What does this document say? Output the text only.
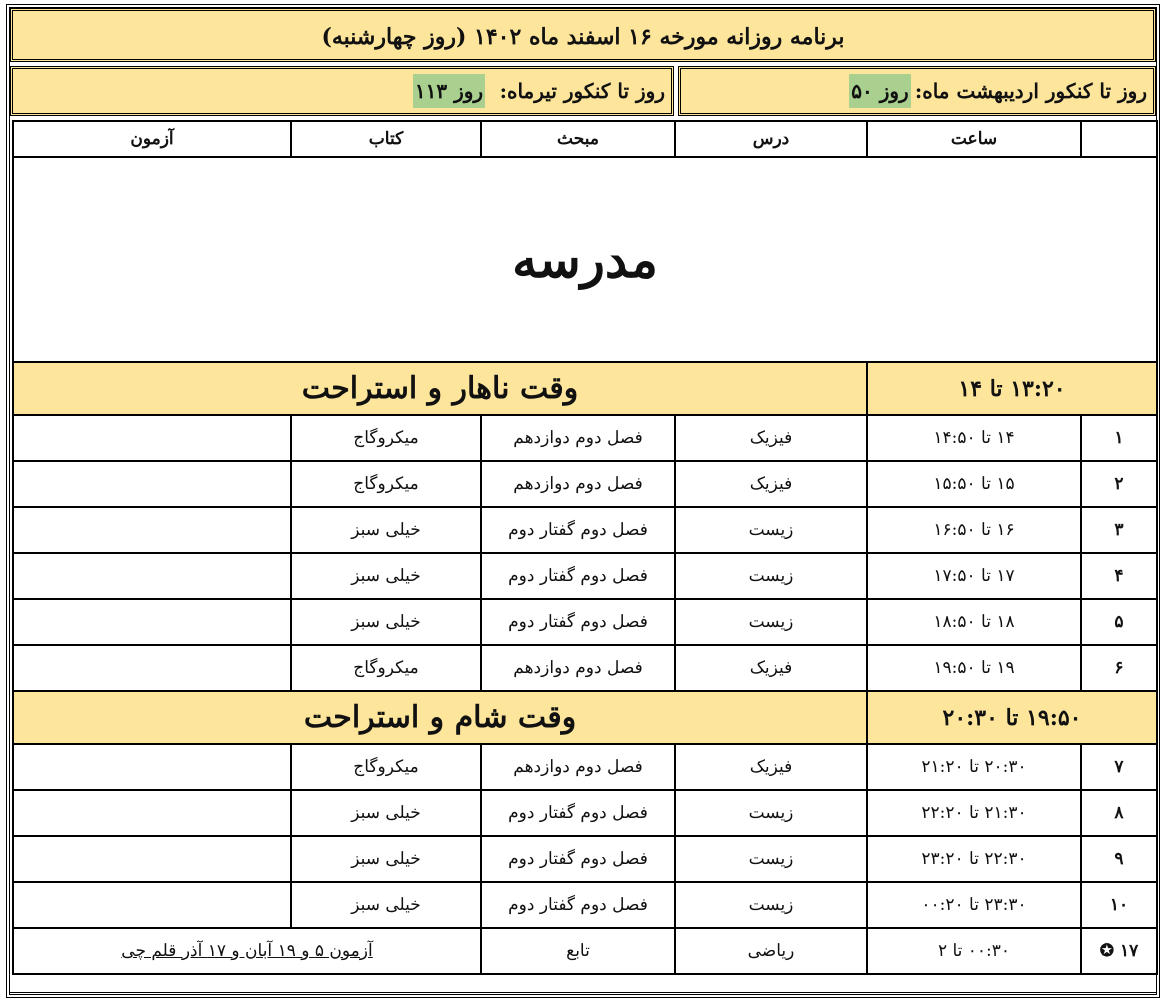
برنامه روزانه مورخه ۱۶ اسفند ماه ۱۴۰۲ (روز چهارشنبه)
روز تا کنکور اردیبهشت ماه:
۵۰ روز
روز تا کنکور تیرماه:
۱۱۳ روز
	ساعت	درس	مبحث	کتاب	آزمون
مدرسه					
۱۳:۲۰ تا ۱۴		وقت ناهار و استراحت			
۱	۱۴ تا ۱۴:۵۰	فیزیک	فصل دوم دوازدهم	میکروگاج	
۲	۱۵ تا ۱۵:۵۰	فیزیک	فصل دوم دوازدهم	میکروگاج	
۳	۱۶ تا ۱۶:۵۰	زیست	فصل دوم گفتار دوم	خیلی سبز	
۴	۱۷ تا ۱۷:۵۰	زیست	فصل دوم گفتار دوم	خیلی سبز	
۵	۱۸ تا ۱۸:۵۰	زیست	فصل دوم گفتار دوم	خیلی سبز	
۶	۱۹ تا ۱۹:۵۰	فیزیک	فصل دوم دوازدهم	میکروگاج	
۱۹:۵۰ تا ۲۰:۳۰		وقت شام و استراحت			
۷	۲۰:۳۰ تا ۲۱:۲۰	فیزیک	فصل دوم دوازدهم	میکروگاج	
۸	۲۱:۳۰ تا ۲۲:۲۰	زیست	فصل دوم گفتار دوم	خیلی سبز	
۹	۲۲:۳۰ تا ۲۳:۲۰	زیست	فصل دوم گفتار دوم	خیلی سبز	
۱۰	۲۳:۳۰ تا ۰۰:۲۰	زیست	فصل دوم گفتار دوم	خیلی سبز	
۱۷ ✪	۰۰:۳۰ تا ۲	ریاضی	تابع	آزمون ۵ و ۱۹ آبان و ۱۷ آذر قلم چی	
